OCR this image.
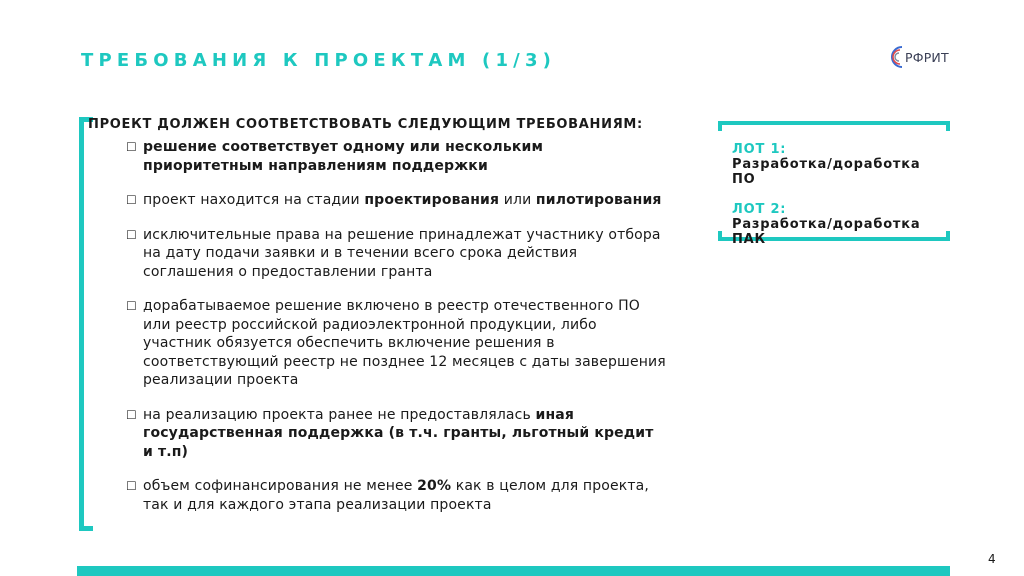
ТРЕБОВАНИЯ К ПРОЕКТАМ (1/3)	РФРИТ
ПРОЕКТ ДОЛЖЕН СООТВЕТСТВОВАТЬ СЛЕДУЮЩИМ ТРЕБОВАНИЯМ:
☐ решение соответствует одному или нескольким приоритетным направлениям поддержки
☐ проект находится на стадии проектирования или пилотирования
☐ исключительные права на решение принадлежат участнику отбора на дату подачи заявки и в течении всего срока действия соглашения о предоставлении гранта
☐ дорабатываемое решение включено в реестр отечественного ПО или реестр российской радиоэлектронной продукции, либо участник обязуется обеспечить включение решения в соответствующий реестр не позднее 12 месяцев с даты завершения реализации проекта
☐ на реализацию проекта ранее не предоставлялась иная государственная поддержка (в т.ч. гранты, льготный кредит и т.п)
☐ объем софинансирования не менее 20% как в целом для проекта, так и для каждого этапа реализации проекта
ЛОТ 1:
Разработка/доработка ПО
ЛОТ 2:
Разработка/доработка ПАК
4
